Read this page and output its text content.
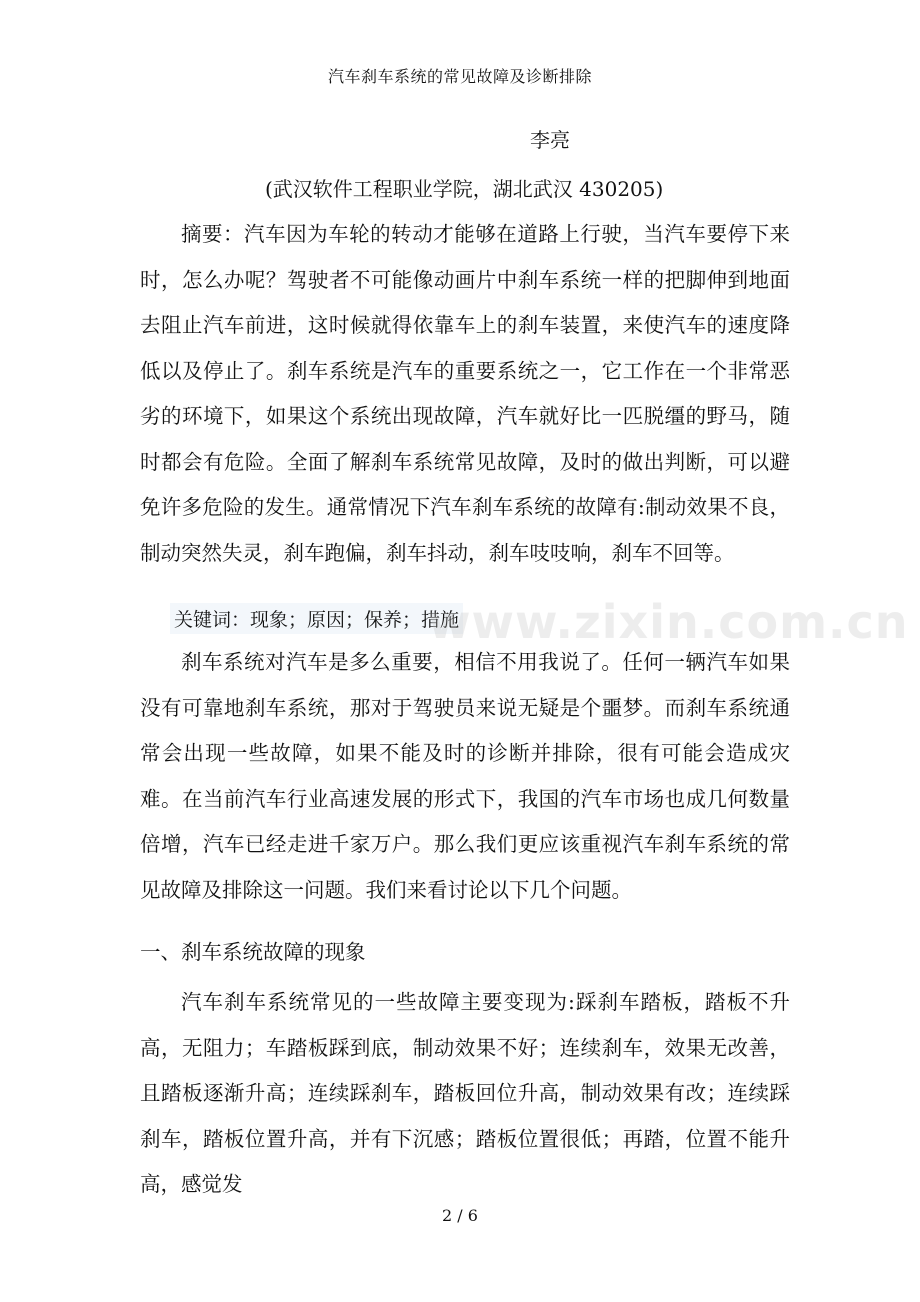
汽车刹车系统的常见故障及诊断排除
李亮
(武汉软件工程职业学院，湖北武汉 430205)

摘要：汽车因为车轮的转动才能够在道路上行驶，当汽车要停下来时，怎么办呢？驾驶者不可能像动画片中刹车系统一样的把脚伸到地面去阻止汽车前进，这时候就得依靠车上的刹车装置，来使汽车的速度降低以及停止了。刹车系统是汽车的重要系统之一，它工作在一个非常恶劣的环境下，如果这个系统出现故障，汽车就好比一匹脱缰的野马，随时都会有危险。全面了解刹车系统常见故障，及时的做出判断，可以避免许多危险的发生。通常情况下汽车刹车系统的故障有:制动效果不良，制动突然失灵，刹车跑偏，刹车抖动，刹车吱吱响，刹车不回等。

关键词：现象；原因；保养；措施

刹车系统对汽车是多么重要，相信不用我说了。任何一辆汽车如果没有可靠地刹车系统，那对于驾驶员来说无疑是个噩梦。而刹车系统通常会出现一些故障，如果不能及时的诊断并排除，很有可能会造成灾难。在当前汽车行业高速发展的形式下，我国的汽车市场也成几何数量倍增，汽车已经走进千家万户。那么我们更应该重视汽车刹车系统的常见故障及排除这一问题。我们来看讨论以下几个问题。

一、刹车系统故障的现象

汽车刹车系统常见的一些故障主要变现为:踩刹车踏板，踏板不升高，无阻力；车踏板踩到底，制动效果不好；连续刹车，效果无改善，且踏板逐渐升高；连续踩刹车，踏板回位升高，制动效果有改；连续踩刹车，踏板位置升高，并有下沉感；踏板位置很低；再踏，位置不能升高，感觉发

www.zixin.com.cn
2 / 6
